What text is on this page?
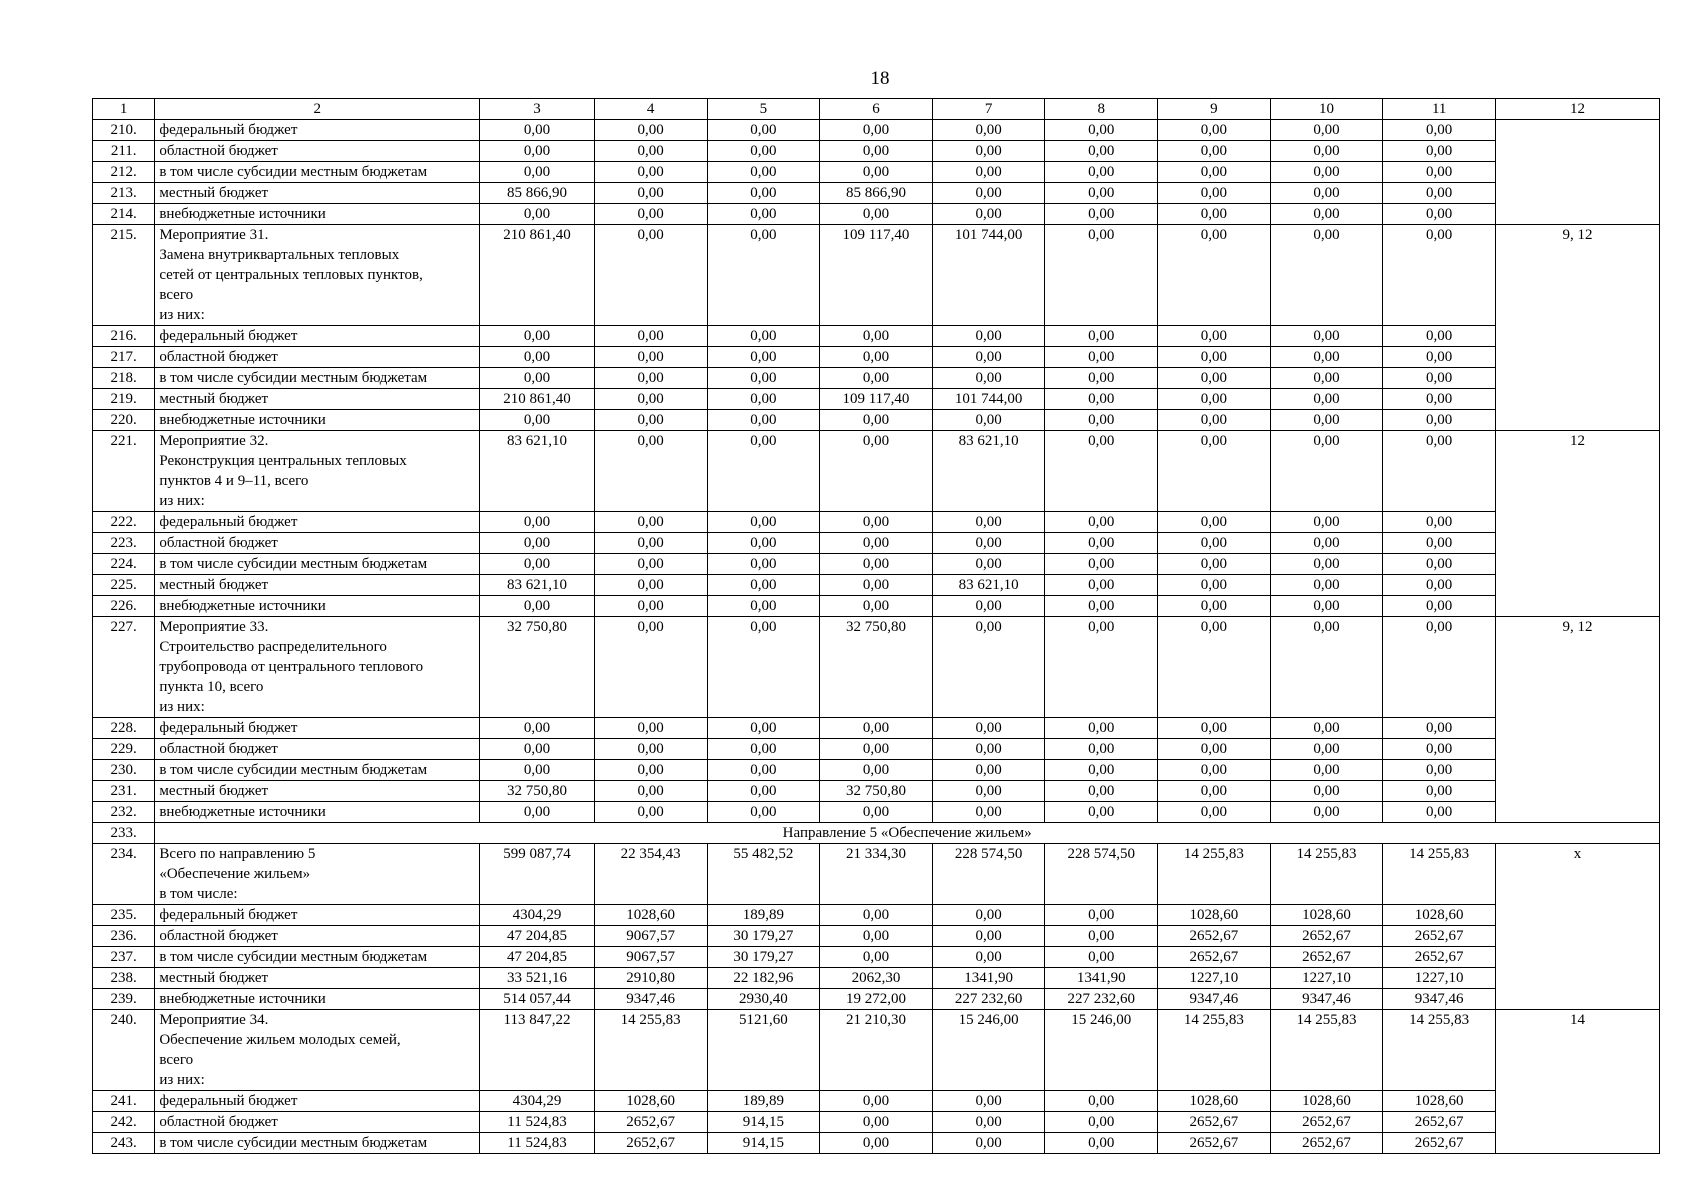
18
1	2	3	4	5	6	7	8	9	10	11	12
210.	федеральный бюджет	0,00	0,00	0,00	0,00	0,00	0,00	0,00	0,00	0,00	
211.	областной бюджет	0,00	0,00	0,00	0,00	0,00	0,00	0,00	0,00	0,00	
212.	в том числе субсидии местным бюджетам	0,00	0,00	0,00	0,00	0,00	0,00	0,00	0,00	0,00	
213.	местный бюджет	85 866,90	0,00	0,00	85 866,90	0,00	0,00	0,00	0,00	0,00	
214.	внебюджетные источники	0,00	0,00	0,00	0,00	0,00	0,00	0,00	0,00	0,00	
215.	Мероприятие 31.
Замена внутриквартальных тепловых
сетей от центральных тепловых пунктов,
всего
из них:	210 861,40	0,00	0,00	109 117,40	101 744,00	0,00	0,00	0,00	0,00	9, 12
216.	федеральный бюджет	0,00	0,00	0,00	0,00	0,00	0,00	0,00	0,00	0,00	
217.	областной бюджет	0,00	0,00	0,00	0,00	0,00	0,00	0,00	0,00	0,00	
218.	в том числе субсидии местным бюджетам	0,00	0,00	0,00	0,00	0,00	0,00	0,00	0,00	0,00	
219.	местный бюджет	210 861,40	0,00	0,00	109 117,40	101 744,00	0,00	0,00	0,00	0,00	
220.	внебюджетные источники	0,00	0,00	0,00	0,00	0,00	0,00	0,00	0,00	0,00	
221.	Мероприятие 32.
Реконструкция центральных тепловых
пунктов 4 и 9–11, всего
из них:	83 621,10	0,00	0,00	0,00	83 621,10	0,00	0,00	0,00	0,00	12
222.	федеральный бюджет	0,00	0,00	0,00	0,00	0,00	0,00	0,00	0,00	0,00	
223.	областной бюджет	0,00	0,00	0,00	0,00	0,00	0,00	0,00	0,00	0,00	
224.	в том числе субсидии местным бюджетам	0,00	0,00	0,00	0,00	0,00	0,00	0,00	0,00	0,00	
225.	местный бюджет	83 621,10	0,00	0,00	0,00	83 621,10	0,00	0,00	0,00	0,00	
226.	внебюджетные источники	0,00	0,00	0,00	0,00	0,00	0,00	0,00	0,00	0,00	
227.	Мероприятие 33.
Строительство распределительного
трубопровода от центрального теплового
пункта 10, всего
из них:	32 750,80	0,00	0,00	32 750,80	0,00	0,00	0,00	0,00	0,00	9, 12
228.	федеральный бюджет	0,00	0,00	0,00	0,00	0,00	0,00	0,00	0,00	0,00	
229.	областной бюджет	0,00	0,00	0,00	0,00	0,00	0,00	0,00	0,00	0,00	
230.	в том числе субсидии местным бюджетам	0,00	0,00	0,00	0,00	0,00	0,00	0,00	0,00	0,00	
231.	местный бюджет	32 750,80	0,00	0,00	32 750,80	0,00	0,00	0,00	0,00	0,00	
232.	внебюджетные источники	0,00	0,00	0,00	0,00	0,00	0,00	0,00	0,00	0,00	
233.	Направление 5 «Обеспечение жильем»										
234.	Всего по направлению 5
«Обеспечение жильем»
в том числе:	599 087,74	22 354,43	55 482,52	21 334,30	228 574,50	228 574,50	14 255,83	14 255,83	14 255,83	x
235.	федеральный бюджет	4304,29	1028,60	189,89	0,00	0,00	0,00	1028,60	1028,60	1028,60	
236.	областной бюджет	47 204,85	9067,57	30 179,27	0,00	0,00	0,00	2652,67	2652,67	2652,67	
237.	в том числе субсидии местным бюджетам	47 204,85	9067,57	30 179,27	0,00	0,00	0,00	2652,67	2652,67	2652,67	
238.	местный бюджет	33 521,16	2910,80	22 182,96	2062,30	1341,90	1341,90	1227,10	1227,10	1227,10	
239.	внебюджетные источники	514 057,44	9347,46	2930,40	19 272,00	227 232,60	227 232,60	9347,46	9347,46	9347,46	
240.	Мероприятие 34.
Обеспечение жильем молодых семей,
всего
из них:	113 847,22	14 255,83	5121,60	21 210,30	15 246,00	15 246,00	14 255,83	14 255,83	14 255,83	14
241.	федеральный бюджет	4304,29	1028,60	189,89	0,00	0,00	0,00	1028,60	1028,60	1028,60	
242.	областной бюджет	11 524,83	2652,67	914,15	0,00	0,00	0,00	2652,67	2652,67	2652,67	
243.	в том числе субсидии местным бюджетам	11 524,83	2652,67	914,15	0,00	0,00	0,00	2652,67	2652,67	2652,67	
